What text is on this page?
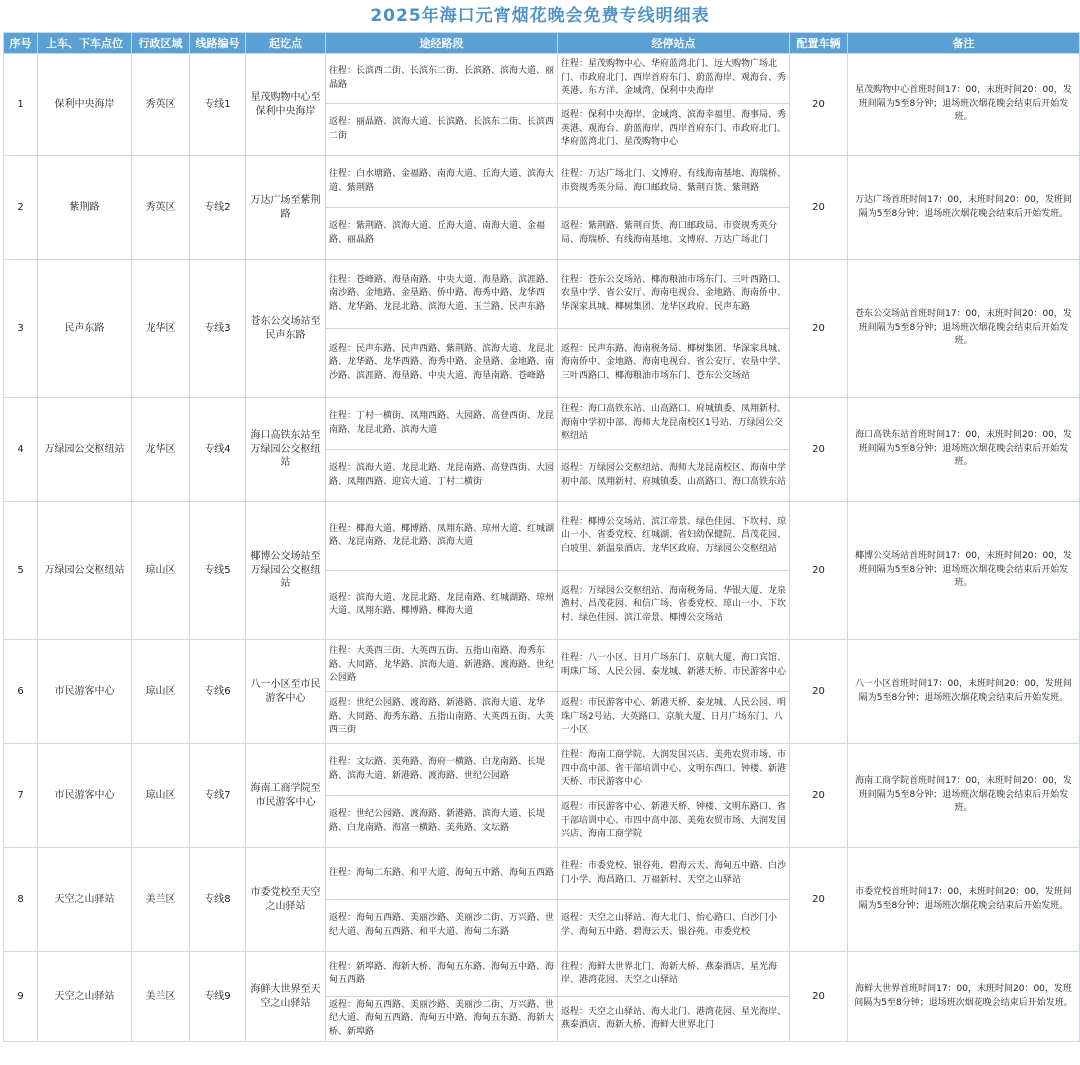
2025年海口元宵烟花晚会免费专线明细表
序号	上车、下车点位	行政区域	线路编号	起讫点	途经路段	经停站点	配置车辆	备注
1	保利中央海岸	秀英区	专线1	星茂购物中心至保利中央海岸	往程：长滨西二街、长滨东二街、长滨路、滨海大道、丽晶路	往程：星茂购物中心、华府蓝湾北门、远大购物广场北门、市政府北门、西岸首府东门、蔚蓝海岸、观海台、秀英港、东方洋、金域湾、保利中央海岸	20	星茂购物中心首班时间17：00，末班时间20：00，发班间隔为5至8分钟；退场班次烟花晚会结束后开始发班。
					返程：丽晶路、滨海大道、长滨路、长滨东二街、长滨西二街	返程：保利中央海岸、金域湾、滨海幸福里、海事局、秀英港、观海台、蔚蓝海岸、西岸首府东门、市政府北门、华府蓝湾北门、星茂购物中心		
2	紫荆路	秀英区	专线2	万达广场至紫荆路	往程：白水塘路、金福路、南海大道、丘海大道、滨海大道、紫荆路	往程：万达广场北门、文博府、有线海南基地、海瑞桥、市资规秀英分局、海口邮政局、紫荆百货、紫荆路	20	万达广场首班时间17：00，末班时间20：00，发班间隔为5至8分钟；退场班次烟花晚会结束后开始发班。
					返程：紫荆路、滨海大道、丘海大道、南海大道、金福路、丽晶路	返程：紫荆路、紫荆百货、海口邮政局、市资规秀英分局、海瑞桥、有线海南基地、文博府、万达广场北门		
3	民声东路	龙华区	专线3	苍东公交场站至民声东路	往程：苍峰路、海垦南路、中央大道、海垦路、滨涯路、南沙路、金地路、金垦路、侨中路、海秀中路、龙华西路、龙华路、龙昆北路、滨海大道、玉兰路、民声东路	往程：苍东公交场站、椰海粮油市场东门、三叶西路口、农垦中学、省公安厅、海南电视台、金地路、海南侨中、华深家具城、椰树集团、龙华区政府、民声东路	20	苍东公交场站首班时间17：00，末班时间20：00，发班间隔为5至8分钟；退场班次烟花晚会结束后开始发班。
					返程：民声东路、民声西路、紫荆路、滨海大道、龙昆北路、龙华路、龙华西路、海秀中路、金垦路、金地路、南沙路、滨涯路、海垦路、中央大道、海垦南路、苍峰路	返程：民声东路、海南税务局、椰树集团、华深家具城、海南侨中、金地路、海南电视台、省公安厅、农垦中学、三叶西路口、椰海粮油市场东门、苍东公交场站		
4	万绿园公交枢纽站	龙华区	专线4	海口高铁东站至万绿园公交枢纽站	往程：丁村一横街、凤翔西路、大园路、高登西街、龙昆南路、龙昆北路、滨海大道	往程：海口高铁东站、山高路口、府城镇委、凤翔新村、海南中学初中部、海师大龙昆南校区1号站、万绿园公交枢纽站	20	海口高铁东站首班时间17：00，末班时间20：00，发班间隔为5至8分钟；退场班次烟花晚会结束后开始发班。
					返程：滨海大道、龙昆北路、龙昆南路、高登西街、大园路、凤翔西路、迎宾大道、丁村二横街	返程：万绿园公交枢纽站、海师大龙昆南校区、海南中学初中部、凤翔新村、府城镇委、山高路口、海口高铁东站		
5	万绿园公交枢纽站	琼山区	专线5	椰博公交场站至万绿园公交枢纽站	往程：椰海大道、椰博路、凤翔东路、琼州大道、红城湖路、龙昆南路、龙昆北路、滨海大道	往程：椰博公交场站、滨江帝景、绿色佳园、下坎村、琼山一小、省委党校、红城湖、省妇幼保健院、昌茂花园、白坡里、新温泉酒店、龙华区政府、万绿园公交枢纽站	20	椰博公交场站首班时间17：00，末班时间20：00，发班间隔为5至8分钟；退场班次烟花晚会结束后开始发班。
					返程：滨海大道、龙昆北路、龙昆南路、红城湖路、琼州大道、凤翔东路、椰博路、椰海大道	返程：万绿园公交枢纽站、海南税务局、华银大厦、龙泉渔村、昌茂花园、和信广场、省委党校、琼山一小、下坎村、绿色佳园、滨江帝景、椰博公交场站		
6	市民游客中心	琼山区	专线6	八一小区至市民游客中心	往程：大英西三街、大英西五街、五指山南路、海秀东路、大同路、龙华路、滨海大道、新港路、渡海路、世纪公园路	往程：八一小区、日月广场东门、京航大厦、海口宾馆、明珠广场、人民公园、泰龙城、新港天桥、市民游客中心	20	八一小区首班时间17：00，末班时间20：00，发班间隔为5至8分钟；退场班次烟花晚会结束后开始发班。
					返程：世纪公园路、渡海路、新港路、滨海大道、龙华路、大同路、海秀东路、五指山南路、大英西五街、大英西三街	返程：市民游客中心、新港天桥、泰龙城、人民公园、明珠广场2号站、大英路口、京航大厦、日月广场东门、八一小区		
7	市民游客中心	琼山区	专线7	海南工商学院至市民游客中心	往程：文坛路、美苑路、海府一横路、白龙南路、长堤路、滨海大道、新港路、渡海路、世纪公园路	往程：海南工商学院、大润发国兴店、美苑农贸市场、市四中高中部、省干部培训中心、文明东西口、钟楼、新港天桥、市民游客中心	20	海南工商学院首班时间17：00，末班时间20：00，发班间隔为5至8分钟；退场班次烟花晚会结束后开始发班。
					返程：世纪公园路、渡海路、新港路、滨海大道、长堤路、白龙南路、海富一横路、美苑路、文坛路	返程：市民游客中心、新港天桥、钟楼、文明东路口、省干部培训中心、市四中高中部、美苑农贸市场、大润发国兴店、海南工商学院		
8	天空之山驿站	美兰区	专线8	市委党校至天空之山驿站	往程：海甸二东路、和平大道、海甸五中路、海甸五西路	往程：市委党校、银谷苑、碧海云天、海甸五中路、白沙门小学、海昌路口、万福新村、天空之山驿站	20	市委党校首班时间17：00，末班时间20：00，发班间隔为5至8分钟；退场班次烟花晚会结束后开始发班。
					返程：海甸五西路、美丽沙路、美丽沙二街、万兴路、世纪大道、海甸五西路、和平大道、海甸二东路	返程：天空之山驿站、海大北门、怡心路口、白沙门小学、海甸五中路、碧海云天、银谷苑、市委党校		
9	天空之山驿站	美兰区	专线9	海鲜大世界至天空之山驿站	往程：新埠路、海新大桥、海甸五东路、海甸五中路、海甸五西路	往程：海鲜大世界北门、海新大桥、燕泰酒店、星光海岸、港湾花园、天空之山驿站	20	海鲜大世界首班时间17：00，末班时间20：00，发班间隔为5至8分钟；退场班次烟花晚会结束后开始发班。
					返程：海甸五西路、美丽沙路、美丽沙二街、万兴路、世纪大道、海甸五西路、海甸五中路、海甸五东路、海新大桥、新埠路	返程：天空之山驿站、海大北门、港湾花园、星光海岸、燕泰酒店、海新大桥、海鲜大世界北门		
